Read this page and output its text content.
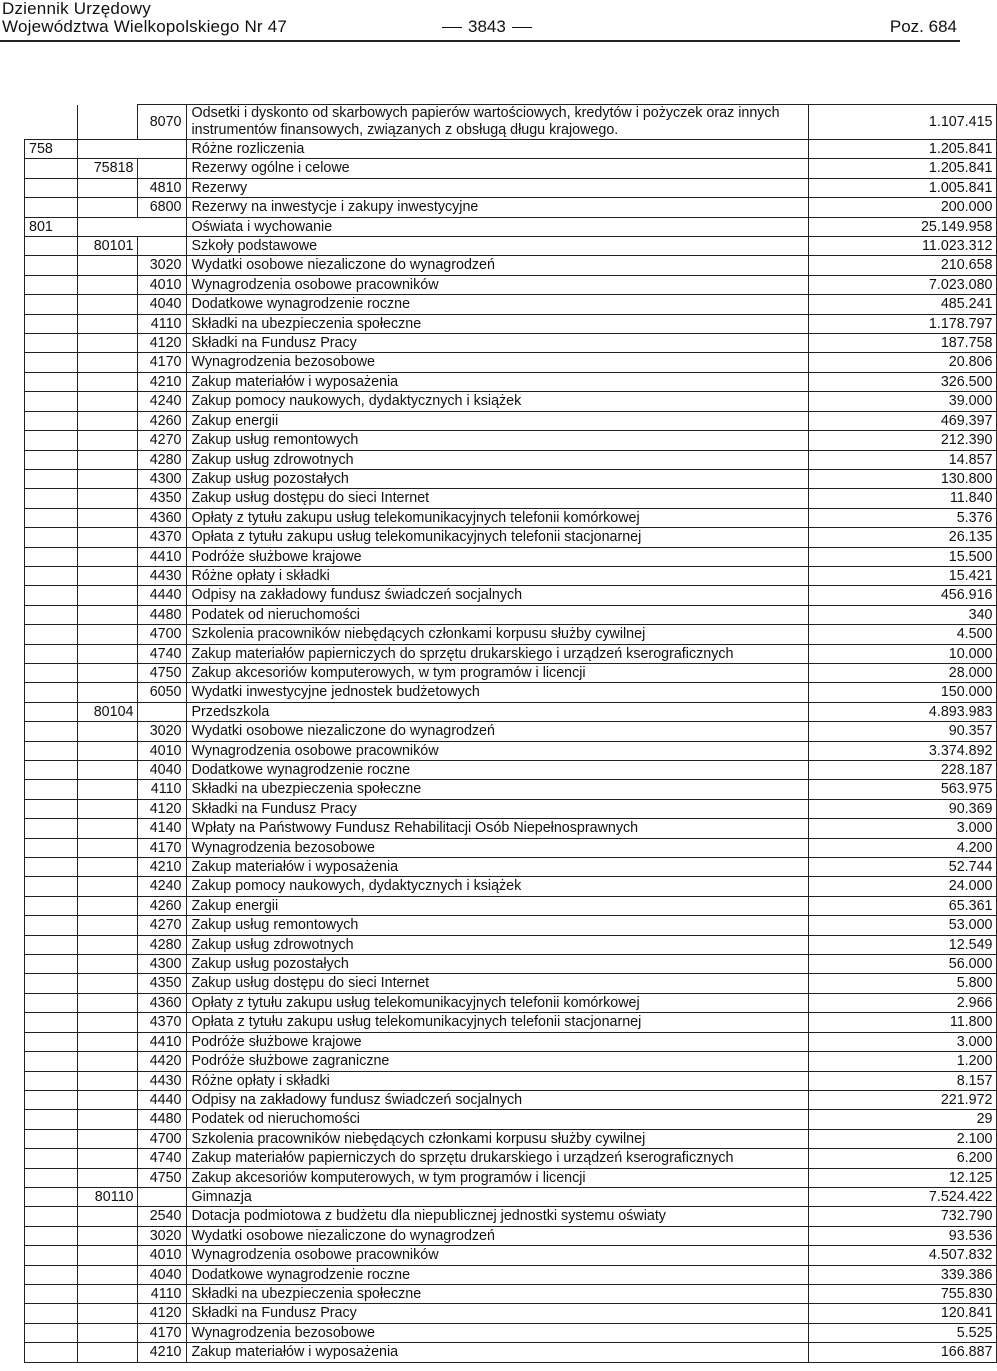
Dziennik Urzędowy
Województwa Wielkopolskiego Nr 47	3843	Poz. 684
		8070	Odsetki i dyskonto od skarbowych papierów wartościowych, kredytów i pożyczek oraz innych instrumentów finansowych, związanych z obsługą długu krajowego.	1.107.415
758			Różne rozliczenia	1.205.841
	75818		Rezerwy ogólne i celowe	1.205.841
		4810	Rezerwy	1.005.841
		6800	Rezerwy na inwestycje i zakupy inwestycyjne	200.000
801			Oświata i wychowanie	25.149.958
	80101		Szkoły podstawowe	11.023.312
		3020	Wydatki osobowe niezaliczone do wynagrodzeń	210.658
		4010	Wynagrodzenia osobowe pracowników	7.023.080
		4040	Dodatkowe wynagrodzenie roczne	485.241
		4110	Składki na ubezpieczenia społeczne	1.178.797
		4120	Składki na Fundusz Pracy	187.758
		4170	Wynagrodzenia bezosobowe	20.806
		4210	Zakup materiałów i wyposażenia	326.500
		4240	Zakup pomocy naukowych, dydaktycznych i książek	39.000
		4260	Zakup energii	469.397
		4270	Zakup usług remontowych	212.390
		4280	Zakup usług zdrowotnych	14.857
		4300	Zakup usług pozostałych	130.800
		4350	Zakup usług dostępu do sieci Internet	11.840
		4360	Opłaty z tytułu zakupu usług telekomunikacyjnych telefonii komórkowej	5.376
		4370	Opłata z tytułu zakupu usług telekomunikacyjnych telefonii stacjonarnej	26.135
		4410	Podróże służbowe krajowe	15.500
		4430	Różne opłaty i składki	15.421
		4440	Odpisy na zakładowy fundusz świadczeń socjalnych	456.916
		4480	Podatek od nieruchomości	340
		4700	Szkolenia pracowników niebędących członkami korpusu służby cywilnej	4.500
		4740	Zakup materiałów papierniczych do sprzętu drukarskiego i urządzeń kserograficznych	10.000
		4750	Zakup akcesoriów komputerowych, w tym programów i licencji	28.000
		6050	Wydatki inwestycyjne jednostek budżetowych	150.000
	80104		Przedszkola	4.893.983
		3020	Wydatki osobowe niezaliczone do wynagrodzeń	90.357
		4010	Wynagrodzenia osobowe pracowników	3.374.892
		4040	Dodatkowe wynagrodzenie roczne	228.187
		4110	Składki na ubezpieczenia społeczne	563.975
		4120	Składki na Fundusz Pracy	90.369
		4140	Wpłaty na Państwowy Fundusz Rehabilitacji Osób Niepełnosprawnych	3.000
		4170	Wynagrodzenia bezosobowe	4.200
		4210	Zakup materiałów i wyposażenia	52.744
		4240	Zakup pomocy naukowych, dydaktycznych i książek	24.000
		4260	Zakup energii	65.361
		4270	Zakup usług remontowych	53.000
		4280	Zakup usług zdrowotnych	12.549
		4300	Zakup usług pozostałych	56.000
		4350	Zakup usług dostępu do sieci Internet	5.800
		4360	Opłaty z tytułu zakupu usług telekomunikacyjnych telefonii komórkowej	2.966
		4370	Opłata z tytułu zakupu usług telekomunikacyjnych telefonii stacjonarnej	11.800
		4410	Podróże służbowe krajowe	3.000
		4420	Podróże służbowe zagraniczne	1.200
		4430	Różne opłaty i składki	8.157
		4440	Odpisy na zakładowy fundusz świadczeń socjalnych	221.972
		4480	Podatek od nieruchomości	29
		4700	Szkolenia pracowników niebędących członkami korpusu służby cywilnej	2.100
		4740	Zakup materiałów papierniczych do sprzętu drukarskiego i urządzeń kserograficznych	6.200
		4750	Zakup akcesoriów komputerowych, w tym programów i licencji	12.125
	80110		Gimnazja	7.524.422
		2540	Dotacja podmiotowa z budżetu dla niepublicznej jednostki systemu oświaty	732.790
		3020	Wydatki osobowe niezaliczone do wynagrodzeń	93.536
		4010	Wynagrodzenia osobowe pracowników	4.507.832
		4040	Dodatkowe wynagrodzenie roczne	339.386
		4110	Składki na ubezpieczenia społeczne	755.830
		4120	Składki na Fundusz Pracy	120.841
		4170	Wynagrodzenia bezosobowe	5.525
		4210	Zakup materiałów i wyposażenia	166.887
